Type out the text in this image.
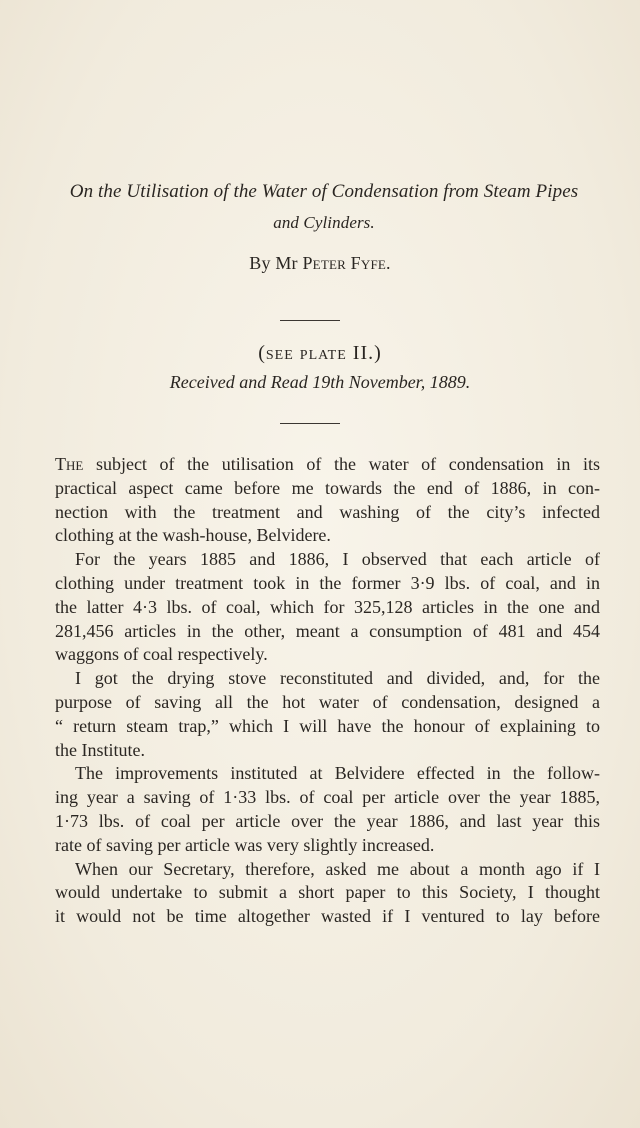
On the Utilisation of the Water of Condensation from Steam Pipes
and Cylinders.
By Mr Peter Fyfe.
(see plate II.)
Received and Read 19th November, 1889.
The subject of the utilisation of the water of condensation in its
practical aspect came before me towards the end of 1886, in con-
nection with the treatment and washing of the city’s infected
clothing at the wash-house, Belvidere.
For the years 1885 and 1886, I observed that each article of
clothing under treatment took in the former 3·9 lbs. of coal, and in
the latter 4·3 lbs. of coal, which for 325,128 articles in the one and
281,456 articles in the other, meant a consumption of 481 and 454
waggons of coal respectively.
I got the drying stove reconstituted and divided, and, for the
purpose of saving all the hot water of condensation, designed a
“ return steam trap,” which I will have the honour of explaining to
the Institute.
The improvements instituted at Belvidere effected in the follow-
ing year a saving of 1·33 lbs. of coal per article over the year 1885,
1·73 lbs. of coal per article over the year 1886, and last year this
rate of saving per article was very slightly increased.
When our Secretary, therefore, asked me about a month ago if I
would undertake to submit a short paper to this Society, I thought
it would not be time altogether wasted if I ventured to lay before
